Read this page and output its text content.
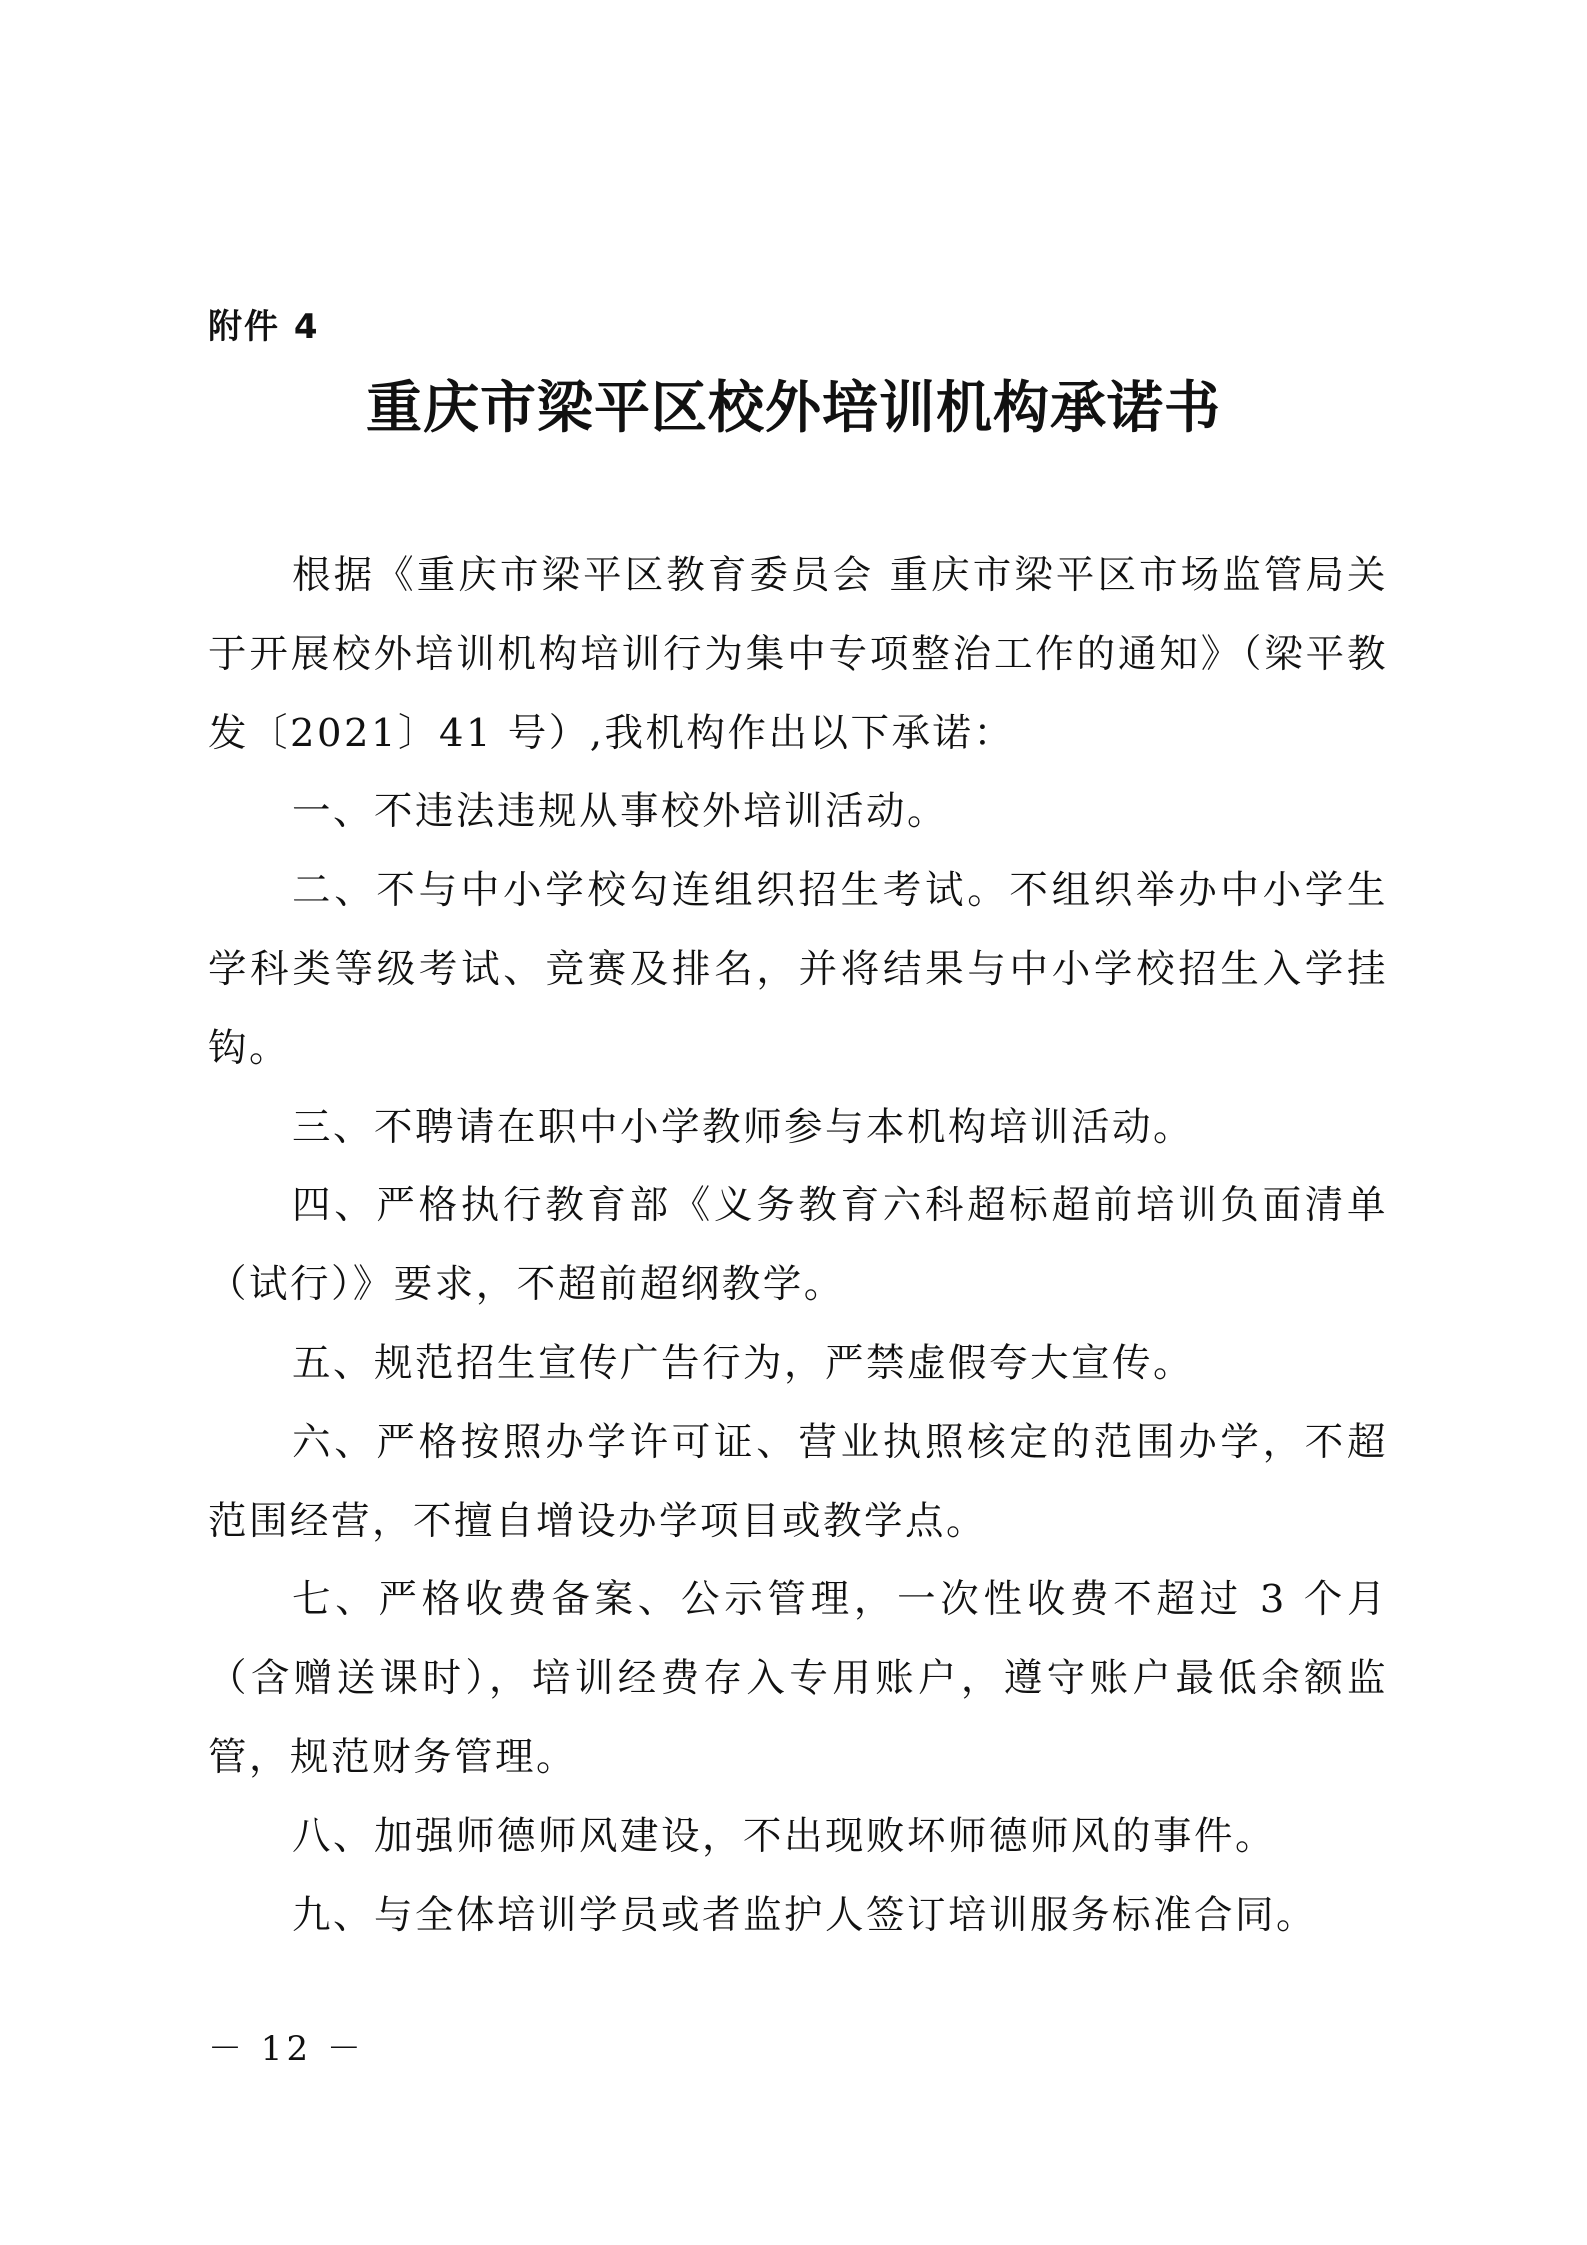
附件 4
重庆市梁平区校外培训机构承诺书

根据《重庆市梁平区教育委员会 重庆市梁平区市场监管局关于开展校外培训机构培训行为集中专项整治工作的通知》（梁平教发〔2021〕41 号）,我机构作出以下承诺：

一、不违法违规从事校外培训活动。

二、不与中小学校勾连组织招生考试。不组织举办中小学生学科类等级考试、竞赛及排名，并将结果与中小学校招生入学挂钩。

三、不聘请在职中小学教师参与本机构培训活动。

四、严格执行教育部《义务教育六科超标超前培训负面清单（试行）》要求，不超前超纲教学。

五、规范招生宣传广告行为，严禁虚假夸大宣传。

六、严格按照办学许可证、营业执照核定的范围办学，不超范围经营，不擅自增设办学项目或教学点。

七、严格收费备案、公示管理，一次性收费不超过 3 个月（含赠送课时），培训经费存入专用账户，遵守账户最低余额监管，规范财务管理。

八、加强师德师风建设，不出现败坏师德师风的事件。

九、与全体培训学员或者监护人签订培训服务标准合同。

－ 12 －
